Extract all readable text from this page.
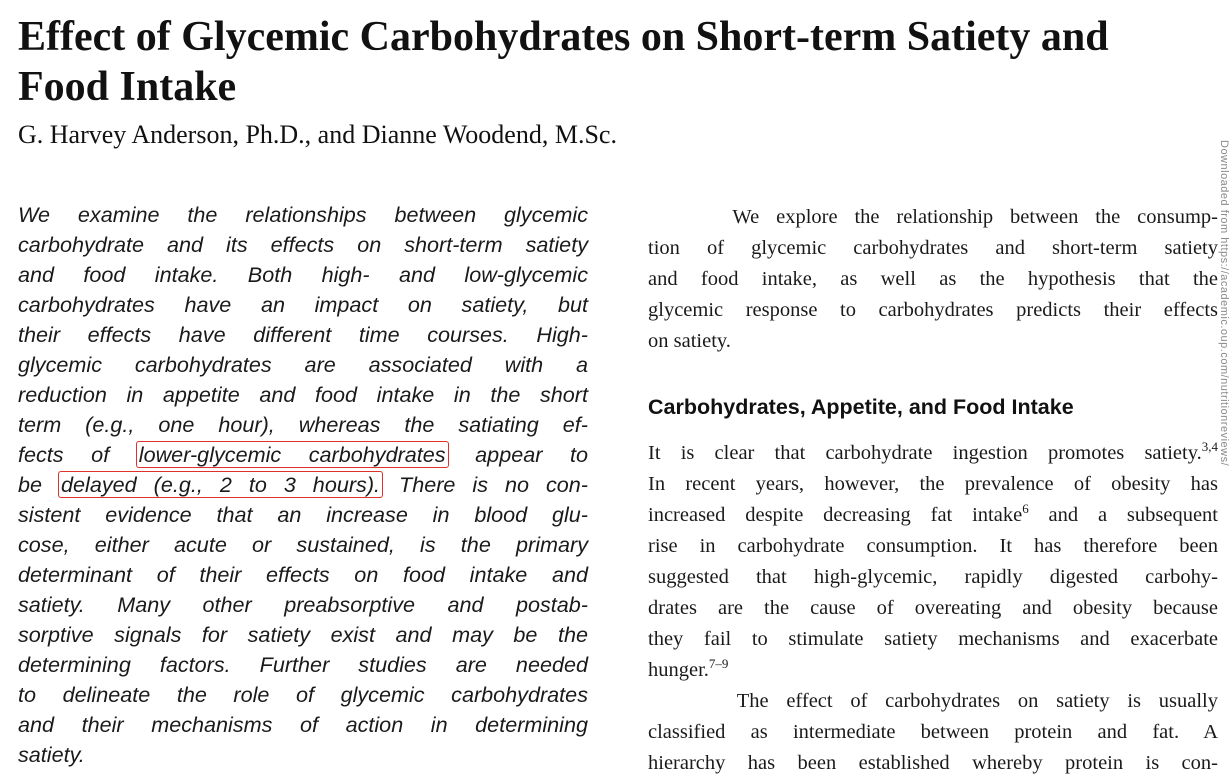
Effect of Glycemic Carbohydrates on Short-term Satiety and
Food Intake

G. Harvey Anderson, Ph.D., and Dianne Woodend, M.Sc.

We examine the relationships between glycemic
carbohydrate and its effects on short-term satiety
and food intake. Both high- and low-glycemic
carbohydrates have an impact on satiety, but
their effects have different time courses. High-
glycemic carbohydrates are associated with a
reduction in appetite and food intake in the short
term (e.g., one hour), whereas the satiating ef-
fects of lower-glycemic carbohydrates appear to
be delayed (e.g., 2 to 3 hours). There is no con-
sistent evidence that an increase in blood glu-
cose, either acute or sustained, is the primary
determinant of their effects on food intake and
satiety. Many other preabsorptive and postab-
sorptive signals for satiety exist and may be the
determining factors. Further studies are needed
to delineate the role of glycemic carbohydrates
and their mechanisms of action in determining
satiety.
We explore the relationship between the consump-
tion of glycemic carbohydrates and short-term satiety
and food intake, as well as the hypothesis that the
glycemic response to carbohydrates predicts their effects
on satiety.
Carbohydrates, Appetite, and Food Intake
It is clear that carbohydrate ingestion promotes satiety.$^{3,4}$
In recent years, however, the prevalence of obesity has
increased despite decreasing fat intake$^6$ and a subsequent
rise in carbohydrate consumption. It has therefore been
suggested that high-glycemic, rapidly digested carbohy-
drates are the cause of overeating and obesity because
they fail to stimulate satiety mechanisms and exacerbate
hunger.$^{7-9}$
The effect of carbohydrates on satiety is usually
classified as intermediate between protein and fat. A
hierarchy has been established whereby protein is con-
Downloaded from https://academic.oup.com/nutritionreviews/
